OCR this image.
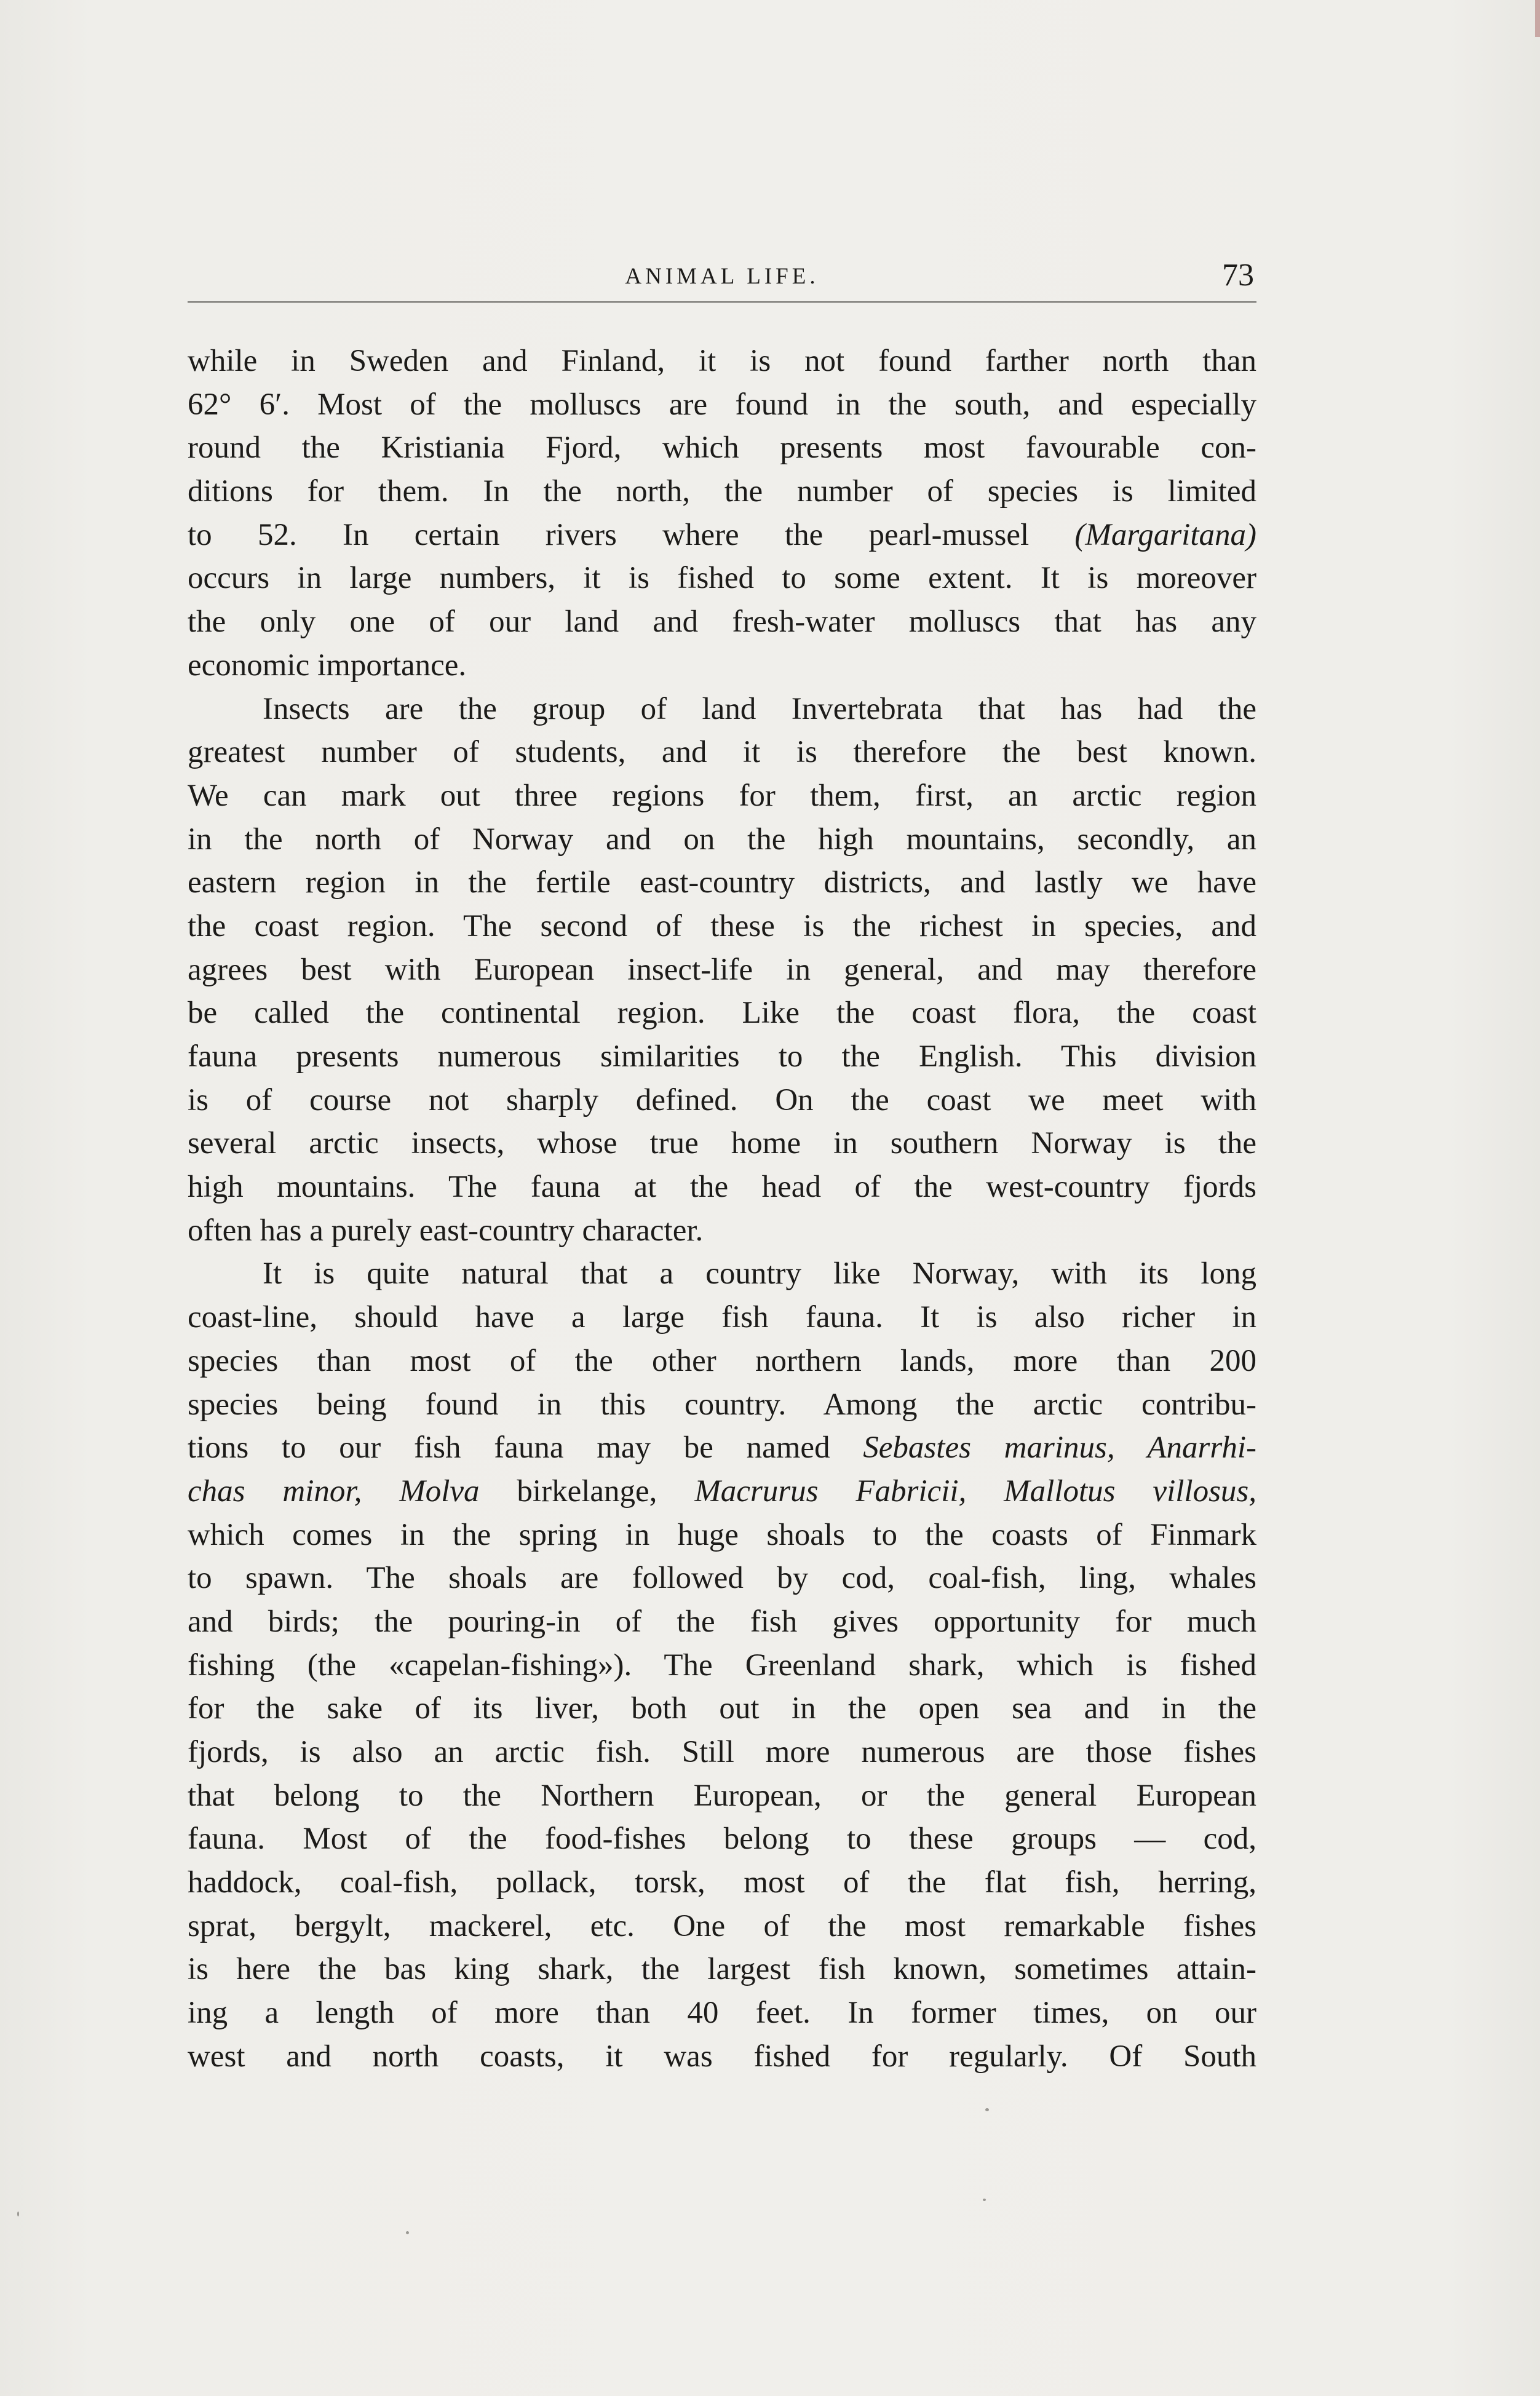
ANIMAL LIFE.	73
while in Sweden and Finland, it is not found farther north than
62° 6′. Most of the molluscs are found in the south, and especially
round the Kristiania Fjord, which presents most favourable con-
ditions for them. In the north, the number of species is limited
to 52. In certain rivers where the pearl-mussel (Margaritana)
occurs in large numbers, it is fished to some extent. It is moreover
the only one of our land and fresh-water molluscs that has any
economic importance.
Insects are the group of land Invertebrata that has had the
greatest number of students, and it is therefore the best known.
We can mark out three regions for them, first, an arctic region
in the north of Norway and on the high mountains, secondly, an
eastern region in the fertile east-country districts, and lastly we have
the coast region. The second of these is the richest in species, and
agrees best with European insect-life in general, and may therefore
be called the continental region. Like the coast flora, the coast
fauna presents numerous similarities to the English. This division
is of course not sharply defined. On the coast we meet with
several arctic insects, whose true home in southern Norway is the
high mountains. The fauna at the head of the west-country fjords
often has a purely east-country character.
It is quite natural that a country like Norway, with its long
coast-line, should have a large fish fauna. It is also richer in
species than most of the other northern lands, more than 200
species being found in this country. Among the arctic contribu-
tions to our fish fauna may be named Sebastes marinus, Anarrhi-
chas minor, Molva birkelange, Macrurus Fabricii, Mallotus villosus,
which comes in the spring in huge shoals to the coasts of Finmark
to spawn. The shoals are followed by cod, coal-fish, ling, whales
and birds; the pouring-in of the fish gives opportunity for much
fishing (the «capelan-fishing»). The Greenland shark, which is fished
for the sake of its liver, both out in the open sea and in the
fjords, is also an arctic fish. Still more numerous are those fishes
that belong to the Northern European, or the general European
fauna. Most of the food-fishes belong to these groups — cod,
haddock, coal-fish, pollack, torsk, most of the flat fish, herring,
sprat, bergylt, mackerel, etc. One of the most remarkable fishes
is here the bas king shark, the largest fish known, sometimes attain-
ing a length of more than 40 feet. In former times, on our
west and north coasts, it was fished for regularly. Of South
